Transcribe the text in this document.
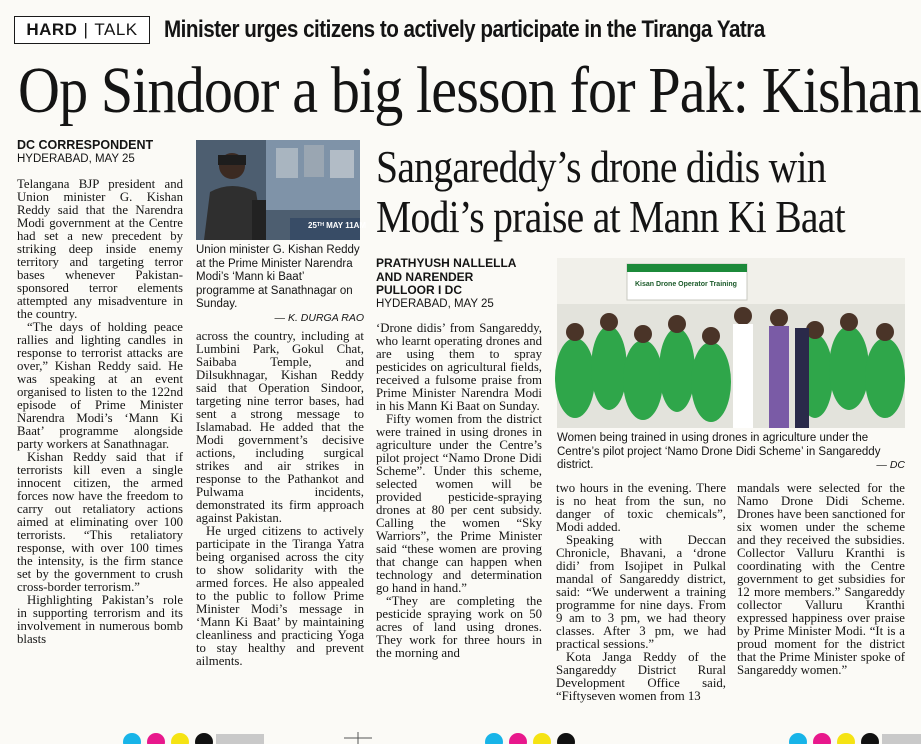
HARD | TALK Minister urges citizens to actively participate in the Tiranga Yatra
Op Sindoor a big lesson for Pak: Kishan
DC CORRESPONDENT
HYDERABAD, MAY 25
25ᵀᴴ MAY 11AM
Union minister G. Kishan Reddy at the Prime Minister Narendra Modi’s ‘Mann ki Baat’ programme at Sanathnagar on Sunday.
— K. DURGA RAO

Telangana BJP president and Union minister G. Kishan Reddy said that the Narendra Modi government at the Centre had set a new precedent by striking deep inside enemy territory and targeting terror bases whenever Pakistan-sponsored terror elements attempted any misadventure in the country.

“The days of holding peace rallies and lighting candles in response to terrorist attacks are over,” Kishan Reddy said. He was speaking at an event organised to listen to the 122nd episode of Prime Minister Narendra Modi’s ‘Mann Ki Baat’ programme alongside party workers at Sanathnagar.

Kishan Reddy said that if terrorists kill even a single innocent citizen, the armed forces now have the freedom to carry out retaliatory actions aimed at eliminating over 100 terrorists. “This retaliatory response, with over 100 times the intensity, is the firm stance set by the government to crush cross-border terrorism.”

Highlighting Pakistan’s role in supporting terrorism and its involvement in numerous bomb blasts

across the country, including at Lumbini Park, Gokul Chat, Saibaba Temple, and Dilsukhnagar, Kishan Reddy said that Operation Sindoor, targeting nine terror bases, had sent a strong message to Islamabad. He added that the Modi government’s decisive actions, including surgical strikes and air strikes in response to the Pathankot and Pulwama incidents, demonstrated its firm approach against Pakistan.

He urged citizens to actively participate in the Tiranga Yatra being organised across the city to show solidarity with the armed forces. He also appealed to the public to follow Prime Minister Modi’s message in ‘Mann Ki Baat’ by maintaining cleanliness and practicing Yoga to stay healthy and prevent ailments.

Sangareddy’s drone didis win
Modi’s praise at Mann Ki Baat
PRATHYUSH NALLELLA
AND NARENDER
PULLOOR I DC
HYDERABAD, MAY 25
Kisan Drone Operator Training
Women being trained in using drones in agriculture under the Centre’s pilot project ‘Namo Drone Didi Scheme’ in Sangareddy district.	— DC

‘Drone didis’ from Sangareddy, who learnt operating drones and are using them to spray pesticides on agricultural fields, received a fulsome praise from Prime Minister Narendra Modi in his Mann Ki Baat on Sunday.

Fifty women from the district were trained in using drones in agriculture under the Centre’s pilot project “Namo Drone Didi Scheme”. Under this scheme, selected women will be provided pesticide-spraying drones at 80 per cent subsidy. Calling the women “Sky Warriors”, the Prime Minister said “these women are proving that change can happen when technology and determination go hand in hand.”

“They are completing the pesticide spraying work on 50 acres of land using drones. They work for three hours in the morning and

two hours in the evening. There is no heat from the sun, no danger of toxic chemicals”, Modi added.

Speaking with Deccan Chronicle, Bhavani, a ‘drone didi’ from Isojipet in Pulkal mandal of Sangareddy district, said: “We underwent a training programme for nine days. From 9 am to 3 pm, we had theory classes. After 3 pm, we had practical sessions.”

Kota Janga Reddy of the Sangareddy District Rural Development Office said, “Fiftyseven women from 13

mandals were selected for the Namo Drone Didi Scheme. Drones have been sanctioned for six women under the scheme and they received the subsidies. Collector Valluru Kranthi is coordinating with the Centre government to get subsidies for 12 more members.” Sangareddy collector Valluru Kranthi expressed happiness over praise by Prime Minister Modi. “It is a proud moment for the district that the Prime Minister spoke of Sangareddy women.”
